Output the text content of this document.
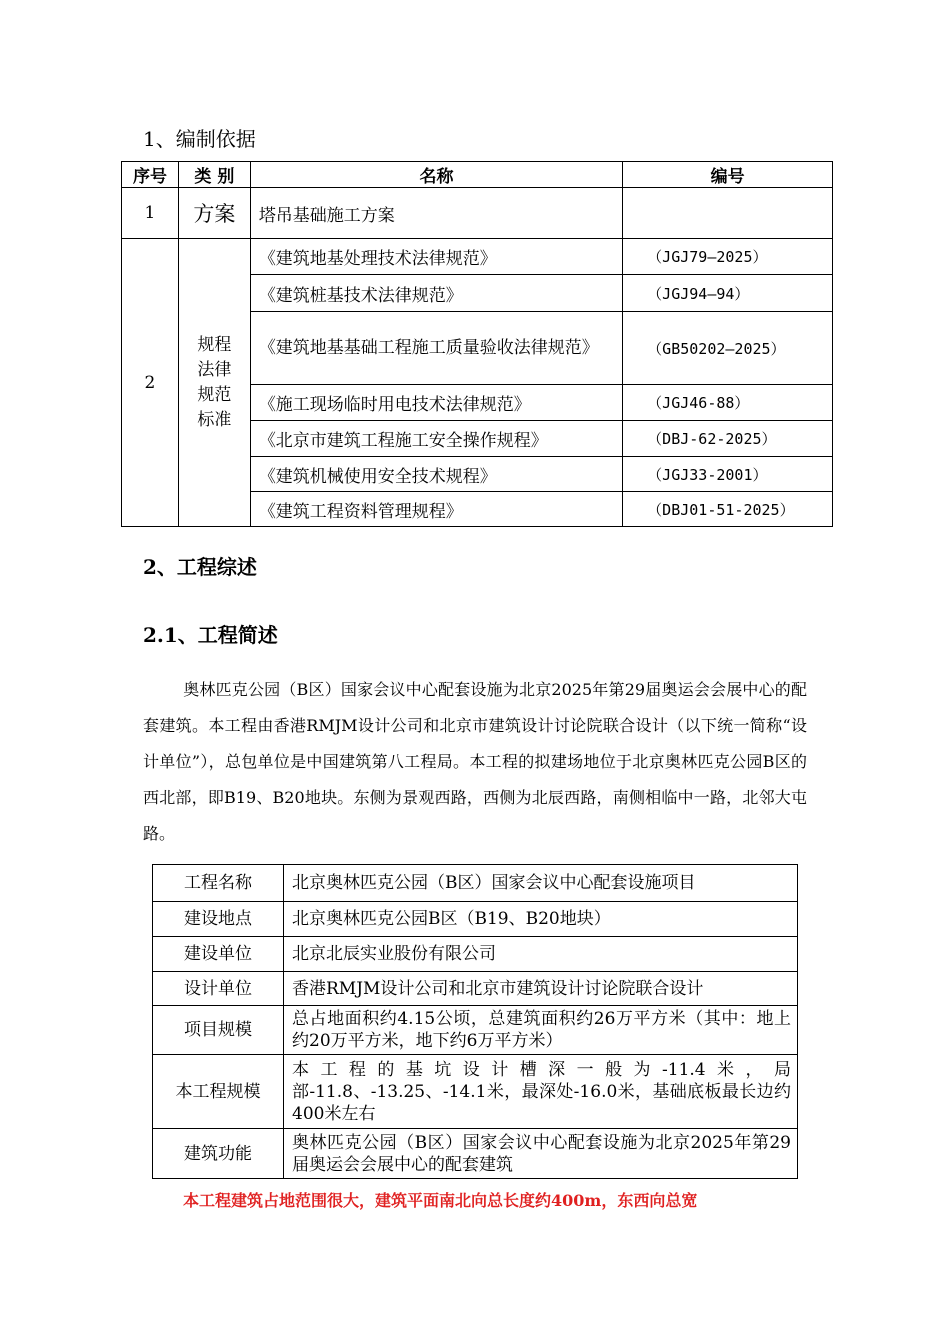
1、编制依据
序号	类 别	名称	编号
1	方案	塔吊基础施工方案	
2	规程
法律
规范
标准	《建筑地基处理技术法律规范》	（JGJ79—2025）
		《建筑桩基技术法律规范》	（JGJ94—94）
		《建筑地基基础工程施工质量验收法律规范》	（GB50202—2025）
		《施工现场临时用电技术法律规范》	（JGJ46-88）
		《北京市建筑工程施工安全操作规程》	（DBJ-62-2025）
		《建筑机械使用安全技术规程》	（JGJ33-2001）
		《建筑工程资料管理规程》	（DBJ01-51-2025）
2、工程综述
2.1、工程简述
奥林匹克公园（B区）国家会议中心配套设施为北京2025年第29届奥运会会展中心的配套建筑。本工程由香港RMJM设计公司和北京市建筑设计讨论院联合设计（以下统一简称“设计单位”），总包单位是中国建筑第八工程局。本工程的拟建场地位于北京奥林匹克公园B区的西北部，即B19、B20地块。东侧为景观西路，西侧为北辰西路，南侧相临中一路，北邻大屯路。
工程名称	北京奥林匹克公园（B区）国家会议中心配套设施项目
建设地点	北京奥林匹克公园B区（B19、B20地块）
建设单位	北京北辰实业股份有限公司
设计单位	香港RMJM设计公司和北京市建筑设计讨论院联合设计
项目规模	总占地面积约4.15公顷，总建筑面积约26万平方米（其中：地上约20万平方米，地下约6万平方米）
本工程规模	本工程的基坑设计槽深一般为-11.4米，局部-11.8、-13.25、-14.1米，最深处-16.0米，基础底板最长边约400米左右
建筑功能	奥林匹克公园（B区）国家会议中心配套设施为北京2025年第29届奥运会会展中心的配套建筑
本工程建筑占地范围很大，建筑平面南北向总长度约400m，东西向总宽
